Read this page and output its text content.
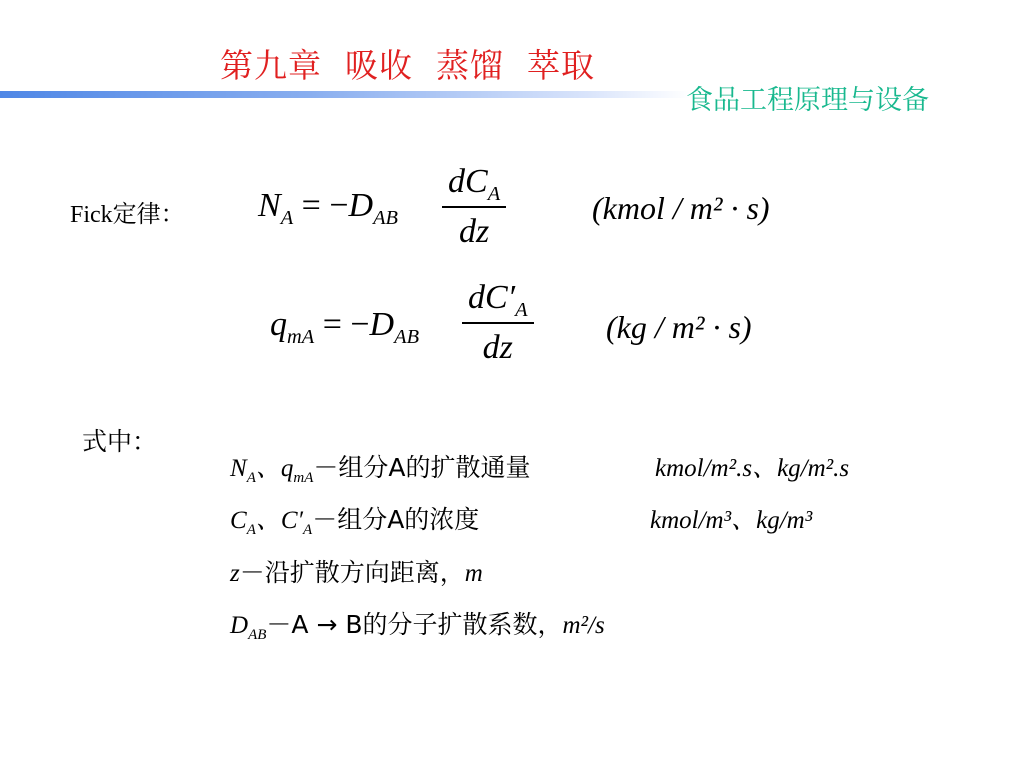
第九章  吸收  蒸馏  萃取
食品工程原理与设备
Fick定律： $N_A = -D_{AB}$
$dC_A$
dz
(kmol / m² · s)
$q_{mA} = -D_{AB}$
$dC'_A$
dz
(kg / m² · s)
式中：
$N_A$、$q_{mA}-$组分A的扩散通量	kmol/m².s、kg/m².s
$C_A$、$C'_A-$组分A的浓度	kmol/m³、kg/m³
z－沿扩散方向距离，m
$D_{AB}-A \to B$的分子扩散系数，m²/s
